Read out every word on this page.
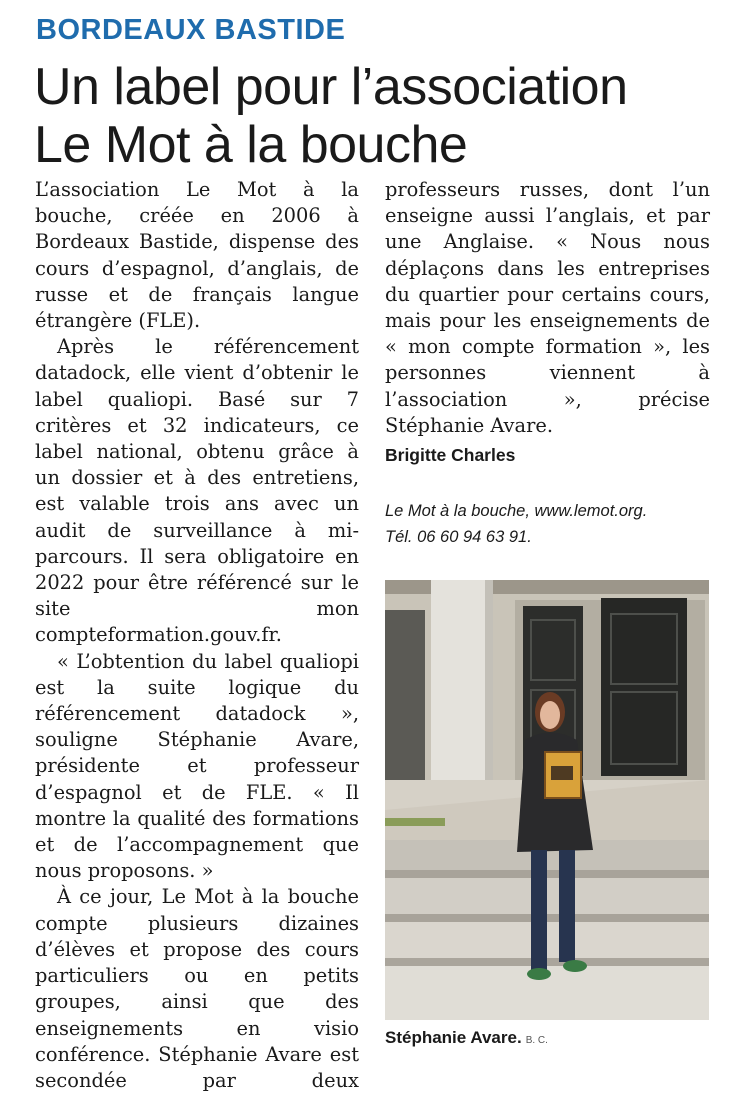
BORDEAUX BASTIDE
Un label pour l’association
Le Mot à la bouche

L’association Le Mot à la bouche, créée en 2006 à Bordeaux Bastide, dispense des cours d’espagnol, d’anglais, de russe et de français langue étrangère (FLE).

Après le référencement datadock, elle vient d’obtenir le label qualiopi. Basé sur 7 critères et 32 indicateurs, ce label national, obtenu grâce à un dossier et à des entretiens, est valable trois ans avec un audit de surveillance à mi-parcours. Il sera obligatoire en 2022 pour être référencé sur le site mon compteformation.gouv.fr.

« L’obtention du label qualiopi est la suite logique du référencement datadock », souligne Stéphanie Avare, présidente et professeur d’espagnol et de FLE. « Il montre la qualité des formations et de l’accompagnement que nous proposons. »

À ce jour, Le Mot à la bouche compte plusieurs dizaines d’élèves et propose des cours particuliers ou en petits groupes, ainsi que des enseignements en visio conférence. Stéphanie Avare est secondée par deux

professeurs russes, dont l’un enseigne aussi l’anglais, et par une Anglaise. « Nous nous déplaçons dans les entreprises du quartier pour certains cours, mais pour les enseignements de « mon compte formation », les personnes viennent à l’association », précise Stéphanie Avare.

Brigitte Charles
Le Mot à la bouche, www.lemot.org.
Tél. 06 60 94 63 91.
Stéphanie Avare. B. C.
